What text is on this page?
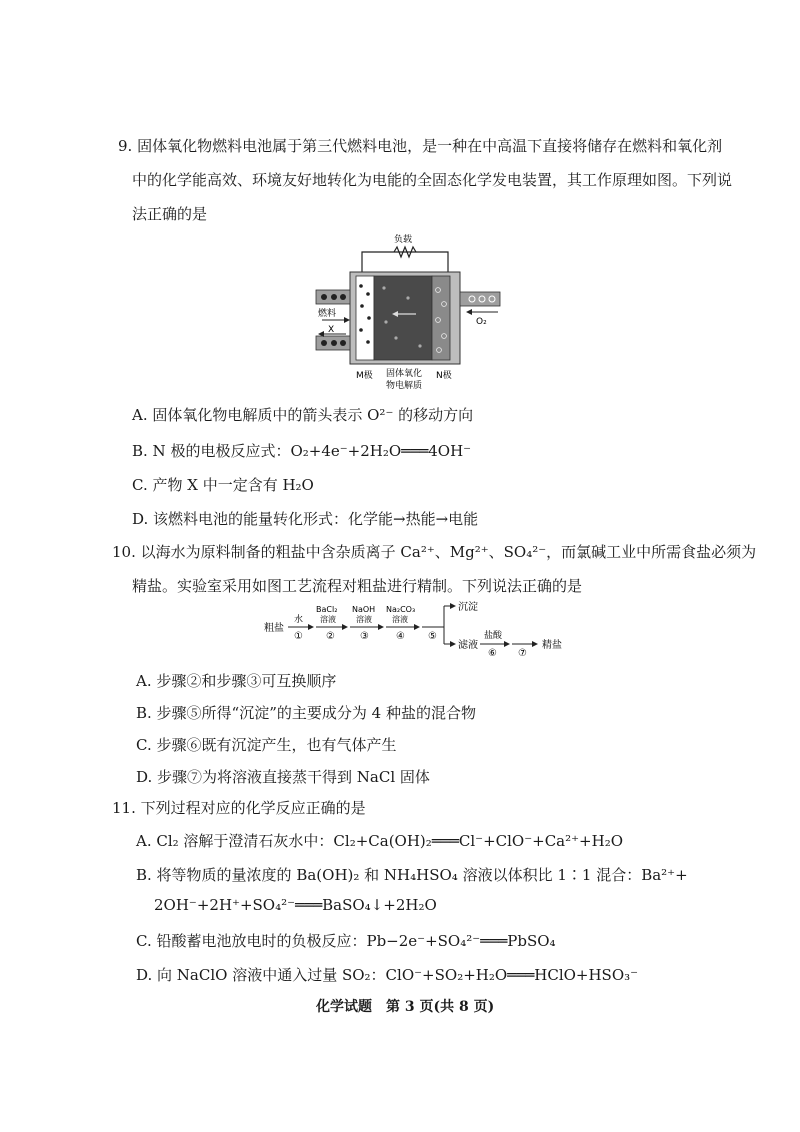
9. 固体氧化物燃料电池属于第三代燃料电池，是一种在中高温下直接将储存在燃料和氧化剂
中的化学能高效、环境友好地转化为电能的全固态化学发电装置，其工作原理如图。下列说
法正确的是
负载
燃料
X
O₂
M极 固体氧化
物电解质
N极
A. 固体氧化物电解质中的箭头表示 O²⁻ 的移动方向
B. N 极的电极反应式：O₂+4e⁻+2H₂O═══4OH⁻
C. 产物 X 中一定含有 H₂O
D. 该燃料电池的能量转化形式：化学能→热能→电能
10. 以海水为原料制备的粗盐中含杂质离子 Ca²⁺、Mg²⁺、SO₄²⁻，而氯碱工业中所需食盐必须为
精盐。实验室采用如图工艺流程对粗盐进行精制。下列说法正确的是
粗盐
水
①
BaCl₂
溶液
②
NaOH
溶液
③
Na₂CO₃
溶液
④ ⑤
沉淀
滤液
盐酸
⑥ ⑦
精盐
A. 步骤②和步骤③可互换顺序
B. 步骤⑤所得“沉淀”的主要成分为 4 种盐的混合物
C. 步骤⑥既有沉淀产生，也有气体产生
D. 步骤⑦为将溶液直接蒸干得到 NaCl 固体
11. 下列过程对应的化学反应正确的是
A. Cl₂ 溶解于澄清石灰水中：Cl₂+Ca(OH)₂═══Cl⁻+ClO⁻+Ca²⁺+H₂O
B. 将等物质的量浓度的 Ba(OH)₂ 和 NH₄HSO₄ 溶液以体积比 1∶1 混合：Ba²⁺+
2OH⁻+2H⁺+SO₄²⁻═══BaSO₄↓+2H₂O
C. 铅酸蓄电池放电时的负极反应：Pb−2e⁻+SO₄²⁻═══PbSO₄
D. 向 NaClO 溶液中通入过量 SO₂：ClO⁻+SO₂+H₂O═══HClO+HSO₃⁻
化学试题　第 3 页(共 8 页)
